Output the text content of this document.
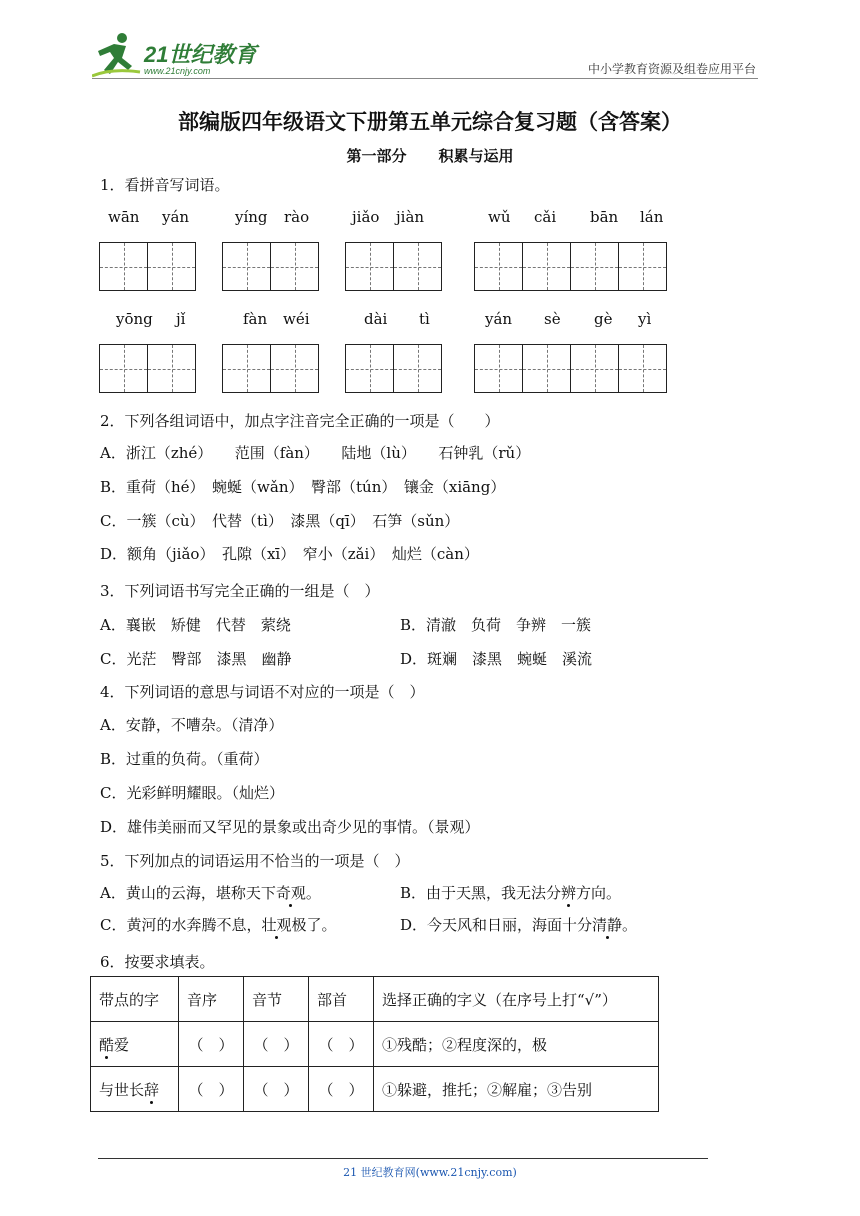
21世纪教育
www.21cnjy.com	中小学教育资源及组卷应用平台
部编版四年级语文下册第五单元综合复习题（含答案）
第一部分 积累与运用
1．看拼音写词语。
wān yán	yíng rào	jiǎo jiàn	wǔ cǎi bān lán
yōng jǐ	fàn wéi	dài tì	yán sè gè yì
2．下列各组词语中，加点字注音完全正确的一项是（　　）
A．浙江（zhé）　　范围（fàn）　　陆地（lù）　　石钟乳（rǔ）
B．重荷（hé）　蜿蜒（wǎn）　臀部（tún）　镶金（xiāng）
C．一簇（cù）　代替（tì）　漆黑（qī）　石笋（sǔn）
D．额角（jiǎo）　孔隙（xī）　窄小（zǎi）　灿烂（càn）
3．下列词语书写完全正确的一组是（　）
A．襄嵌　矫健　代替　萦绕	B．清澈　负荷　争辨　一簇
C．光茫　臀部　漆黑　幽静	D．斑斓　漆黑　蜿蜒　溪流
4．下列词语的意思与词语不对应的一项是（　）
A．安静，不嘈杂。（清净）
B．过重的负荷。（重荷）
C．光彩鲜明耀眼。（灿烂）
D．雄伟美丽而又罕见的景象或出奇少见的事情。（景观）
5．下列加点的词语运用不恰当的一项是（　）
A．黄山的云海，堪称天下奇观。	B．由于天黑，我无法分辨方向。
C．黄河的水奔腾不息，壮观极了。	D．今天风和日丽，海面十分清静。
6．按要求填表。
带点的字	音序	音节	部首	选择正确的字义（在序号上打“√”）
酷爱	（　）	（　）	（　）	①残酷；②程度深的，极
与世长辞	（　）	（　）	（　）	①躲避，推托；②解雇；③告别
21 世纪教育网(www.21cnjy.com)
